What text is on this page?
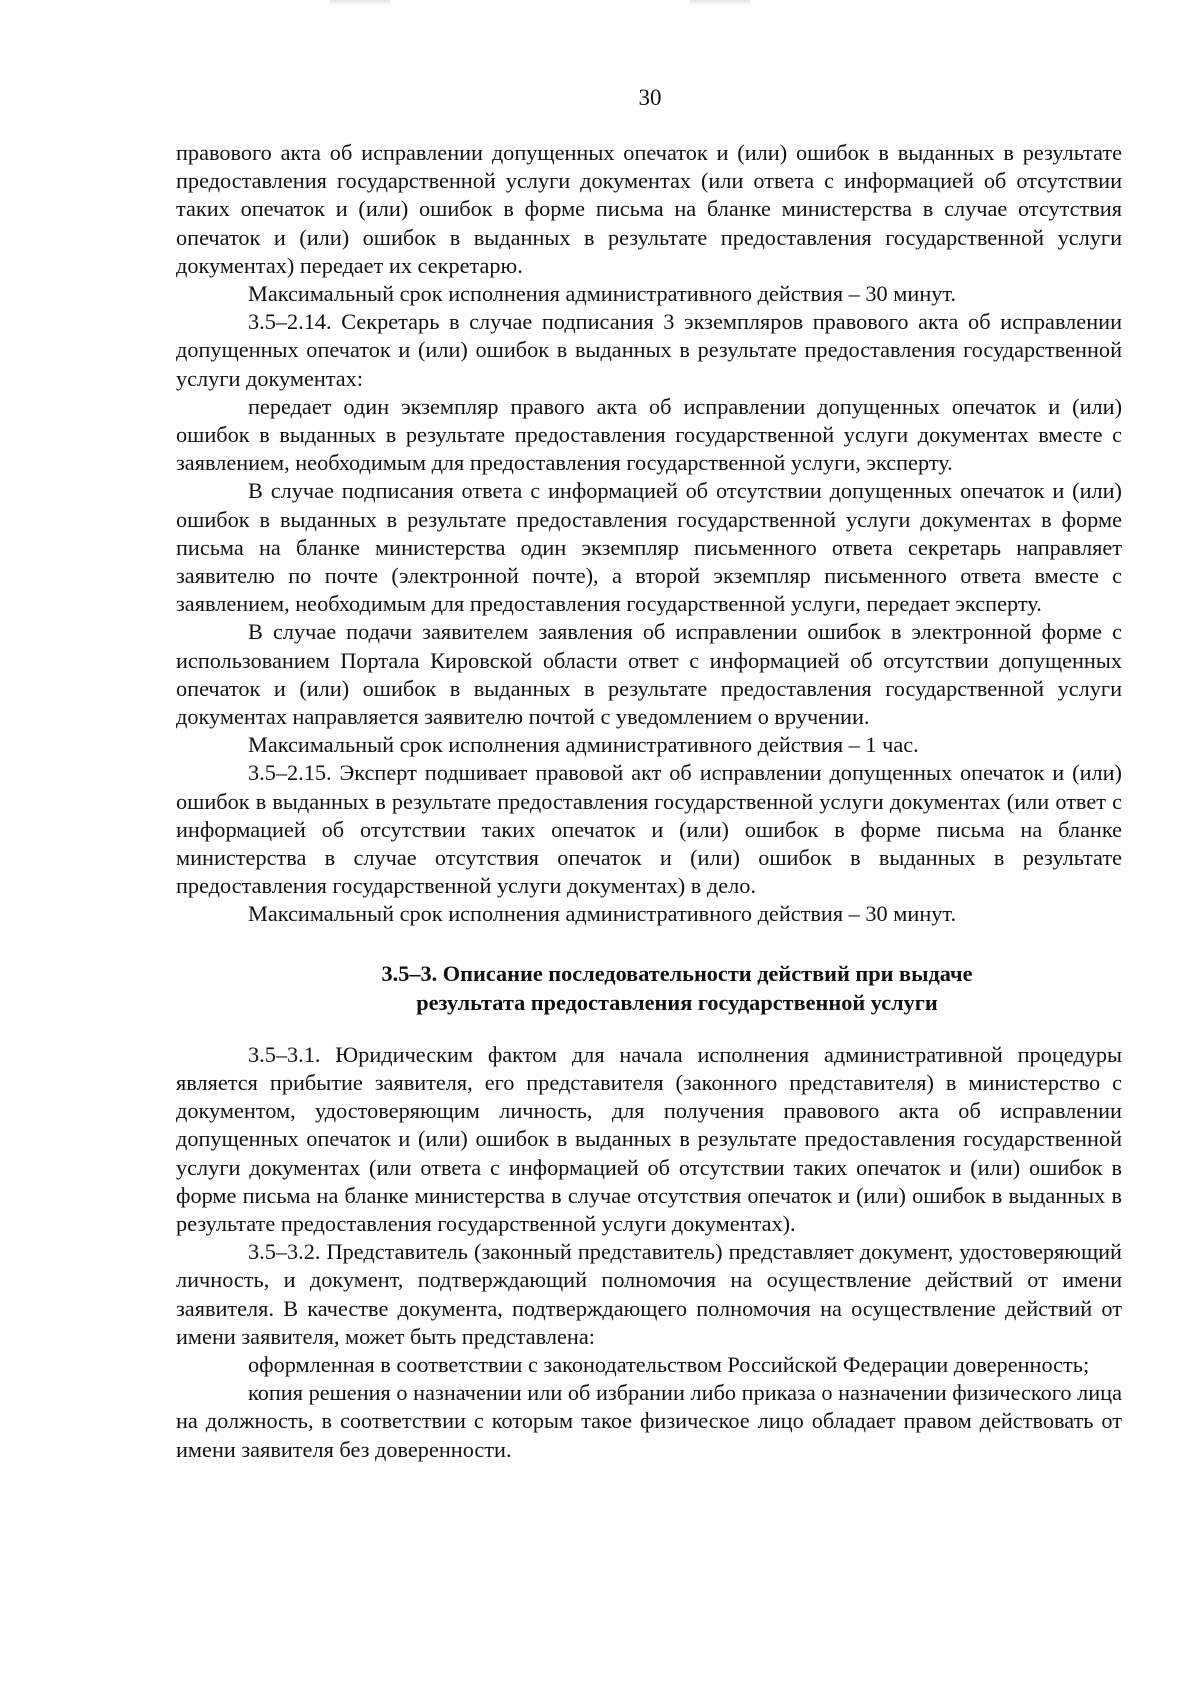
30

правового акта об исправлении допущенных опечаток и (или) ошибок в выданных в результате предоставления государственной услуги документах (или ответа с информацией об отсутствии таких опечаток и (или) ошибок в форме письма на бланке министерства в случае отсутствия опечаток и (или) ошибок в выданных в результате предоставления государственной услуги документах) передает их секретарю.

Максимальный срок исполнения административного действия – 30 минут.

3.5–2.14. Секретарь в случае подписания 3 экземпляров правового акта об исправлении допущенных опечаток и (или) ошибок в выданных в результате предоставления государственной услуги документах:

передает один экземпляр правого акта об исправлении допущенных опечаток и (или) ошибок в выданных в результате предоставления государственной услуги документах вместе с заявлением, необходимым для предоставления государственной услуги, эксперту.

В случае подписания ответа с информацией об отсутствии допущенных опечаток и (или) ошибок в выданных в результате предоставления государственной услуги документах в форме письма на бланке министерства один экземпляр письменного ответа секретарь направляет заявителю по почте (электронной почте), а второй экземпляр письменного ответа вместе с заявлением, необходимым для предоставления государственной услуги, передает эксперту.

В случае подачи заявителем заявления об исправлении ошибок в электронной форме с использованием Портала Кировской области ответ с информацией об отсутствии допущенных опечаток и (или) ошибок в выданных в результате предоставления государственной услуги документах направляется заявителю почтой с уведомлением о вручении.

Максимальный срок исполнения административного действия – 1 час.

3.5–2.15. Эксперт подшивает правовой акт об исправлении допущенных опечаток и (или) ошибок в выданных в результате предоставления государственной услуги документах (или ответ с информацией об отсутствии таких опечаток и (или) ошибок в форме письма на бланке министерства в случае отсутствия опечаток и (или) ошибок в выданных в результате предоставления государственной услуги документах) в дело.

Максимальный срок исполнения административного действия – 30 минут.

3.5–3. Описание последовательности действий при выдаче
результата предоставления государственной услуги

3.5–3.1. Юридическим фактом для начала исполнения административной процедуры является прибытие заявителя, его представителя (законного представителя) в министерство с документом, удостоверяющим личность, для получения правового акта об исправлении допущенных опечаток и (или) ошибок в выданных в результате предоставления государственной услуги документах (или ответа с информацией об отсутствии таких опечаток и (или) ошибок в форме письма на бланке министерства в случае отсутствия опечаток и (или) ошибок в выданных в результате предоставления государственной услуги документах).

3.5–3.2. Представитель (законный представитель) представляет документ, удостоверяющий личность, и документ, подтверждающий полномочия на осуществление действий от имени заявителя. В качестве документа, подтверждающего полномочия на осуществление действий от имени заявителя, может быть представлена:

оформленная в соответствии с законодательством Российской Федерации доверенность;

копия решения о назначении или об избрании либо приказа о назначении физического лица на должность, в соответствии с которым такое физическое лицо обладает правом действовать от имени заявителя без доверенности.
